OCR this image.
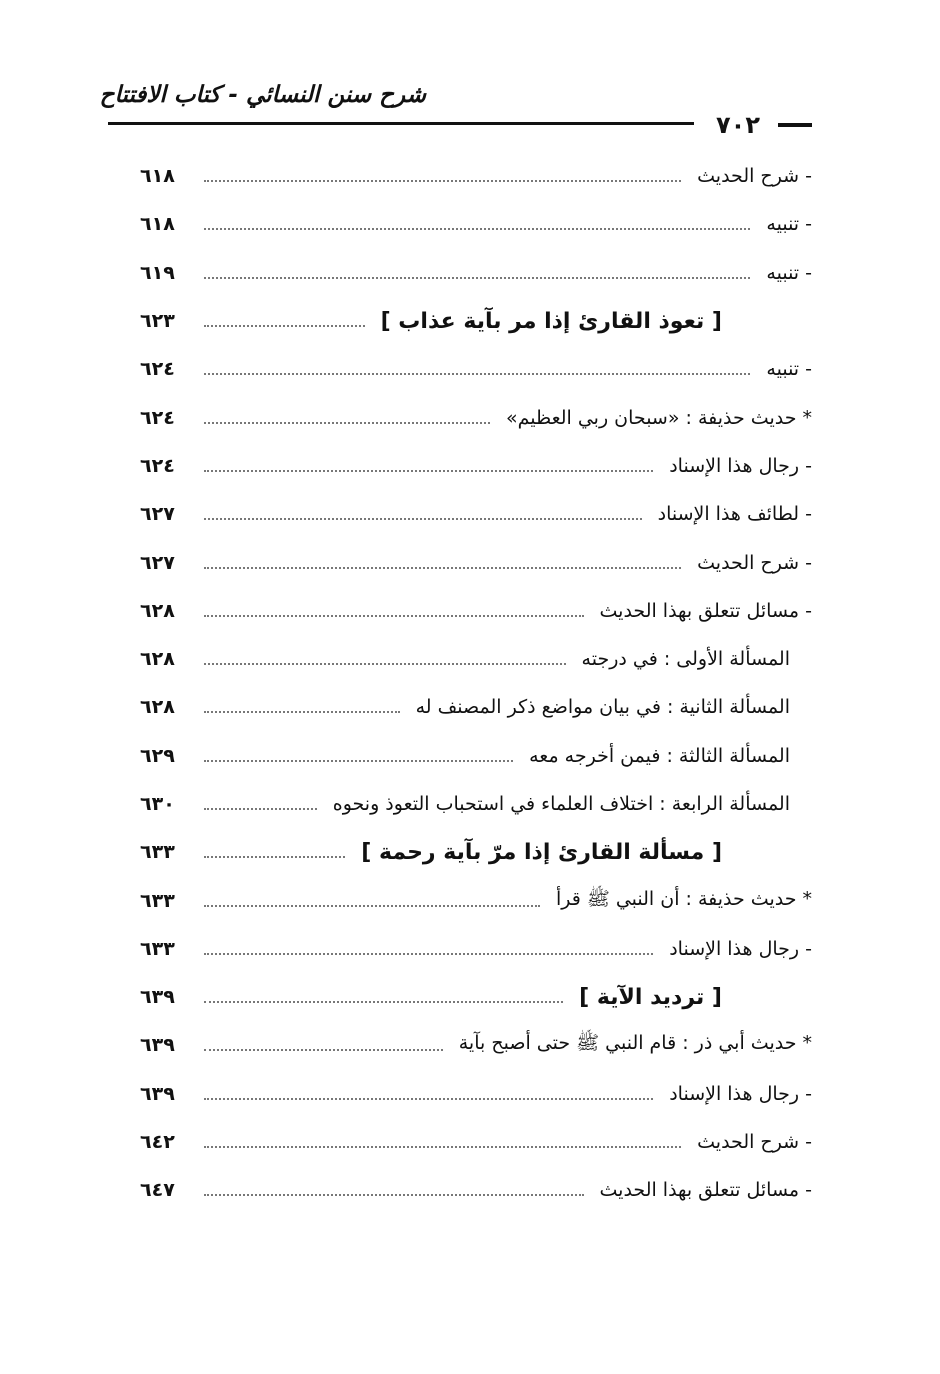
شرح سنن النسائي - كتاب الافتتاح
٧٠٢
- شرح الحديث
٦١٨
- تنبيه
٦١٨
- تنبيه
٦١٩
[ تعوذ القارئ إذا مر بآية عذاب ]
٦٢٣
- تنبيه
٦٢٤
* حديث حذيفة : «سبحان ربي العظيم»
٦٢٤
- رجال هذا الإسناد
٦٢٤
- لطائف هذا الإسناد
٦٢٧
- شرح الحديث
٦٢٧
- مسائل تتعلق بهذا الحديث
٦٢٨
المسألة الأولى : في درجته
٦٢٨
المسألة الثانية : في بيان مواضع ذكر المصنف له
٦٢٨
المسألة الثالثة : فيمن أخرجه معه
٦٢٩
المسألة الرابعة : اختلاف العلماء في استحباب التعوذ ونحوه
٦٣٠
[ مسألة القارئ إذا مرّ بآية رحمة ]
٦٣٣
* حديث حذيفة : أن النبي ﷺ قرأ
٦٣٣
- رجال هذا الإسناد
٦٣٣
[ ترديد الآية ]
٦٣٩
* حديث أبي ذر : قام النبي ﷺ حتى أصبح بآية
٦٣٩
- رجال هذا الإسناد
٦٣٩
- شرح الحديث
٦٤٢
- مسائل تتعلق بهذا الحديث
٦٤٧
